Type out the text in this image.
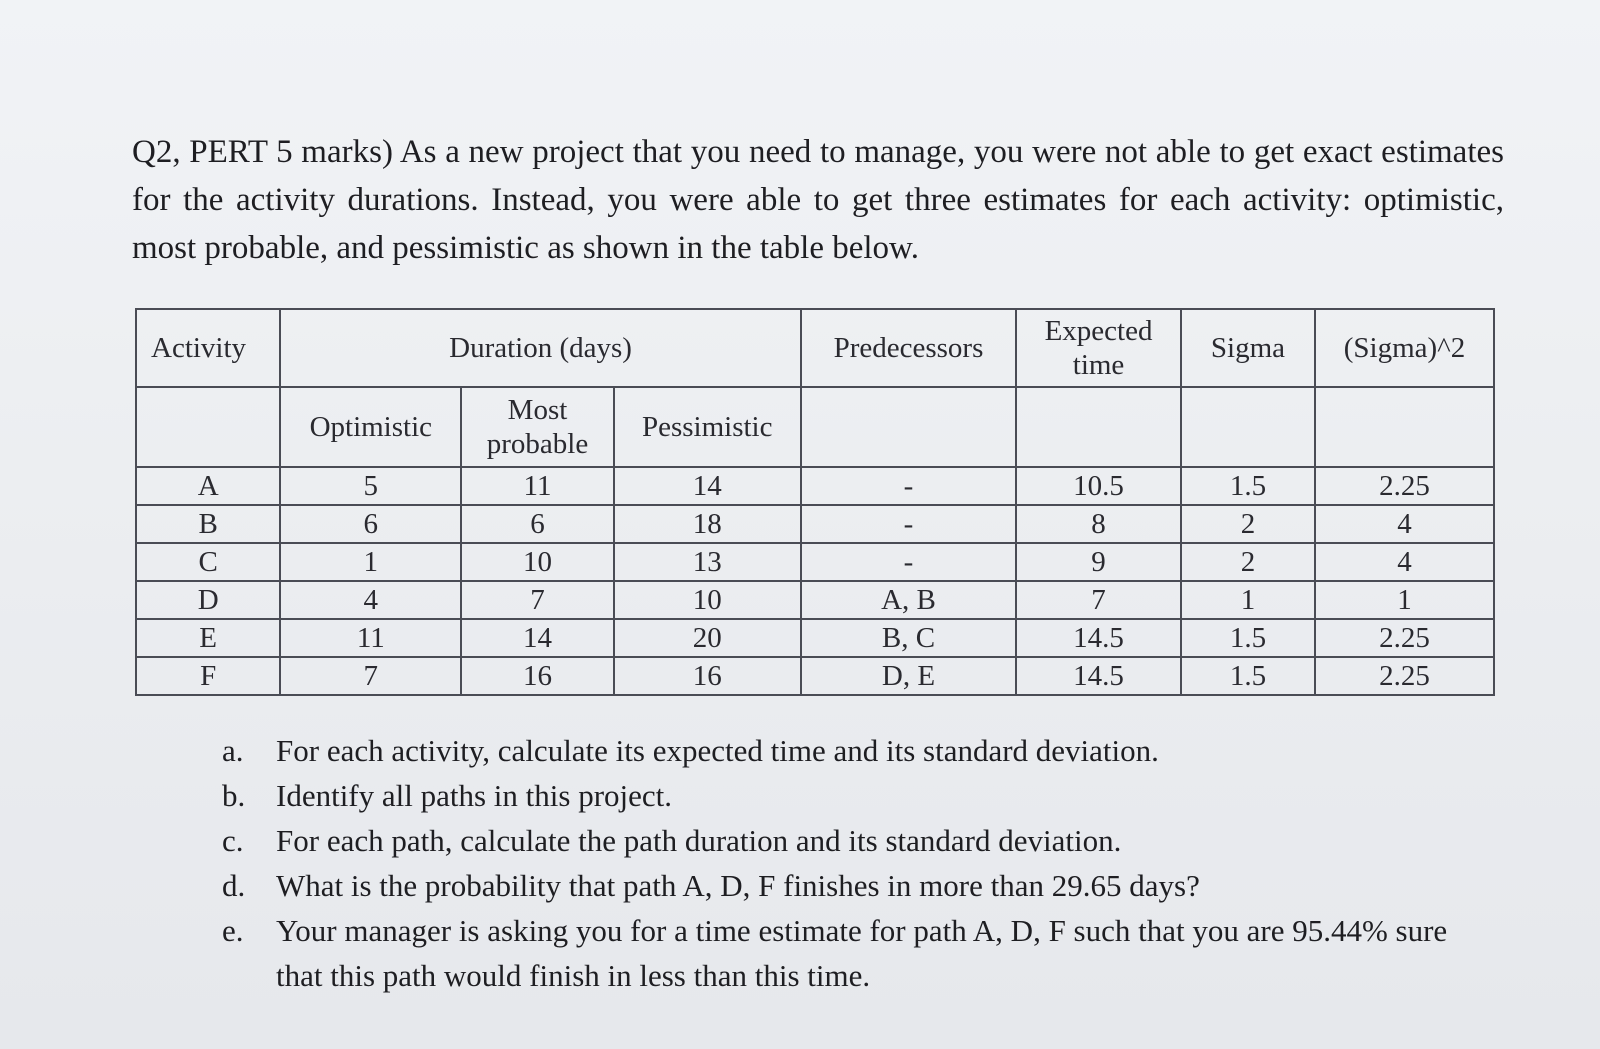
Q2, PERT 5 marks) As a new project that you need to manage, you were not able to get exact estimates for the activity durations. Instead, you were able to get three estimates for each activity: optimistic, most probable, and pessimistic as shown in the table below.

Activity	Duration (days)			Predecessors	Expected time	Sigma	(Sigma)^2
	Optimistic	Most probable	Pessimistic				
A	5	11	14	-	10.5	1.5	2.25
B	6	6	18	-	8	2	4
C	1	10	13	-	9	2	4
D	4	7	10	A, B	7	1	1
E	11	14	20	B, C	14.5	1.5	2.25
F	7	16	16	D, E	14.5	1.5	2.25
a.	For each activity, calculate its expected time and its standard deviation.
b. Identify all paths in this project.
c.	For each path, calculate the path duration and its standard deviation.
d. What is the probability that path A, D, F finishes in more than 29.65 days?
e.	Your manager is asking you for a time estimate for path A, D, F such that you are 95.44% sure that this path would finish in less than this time.
